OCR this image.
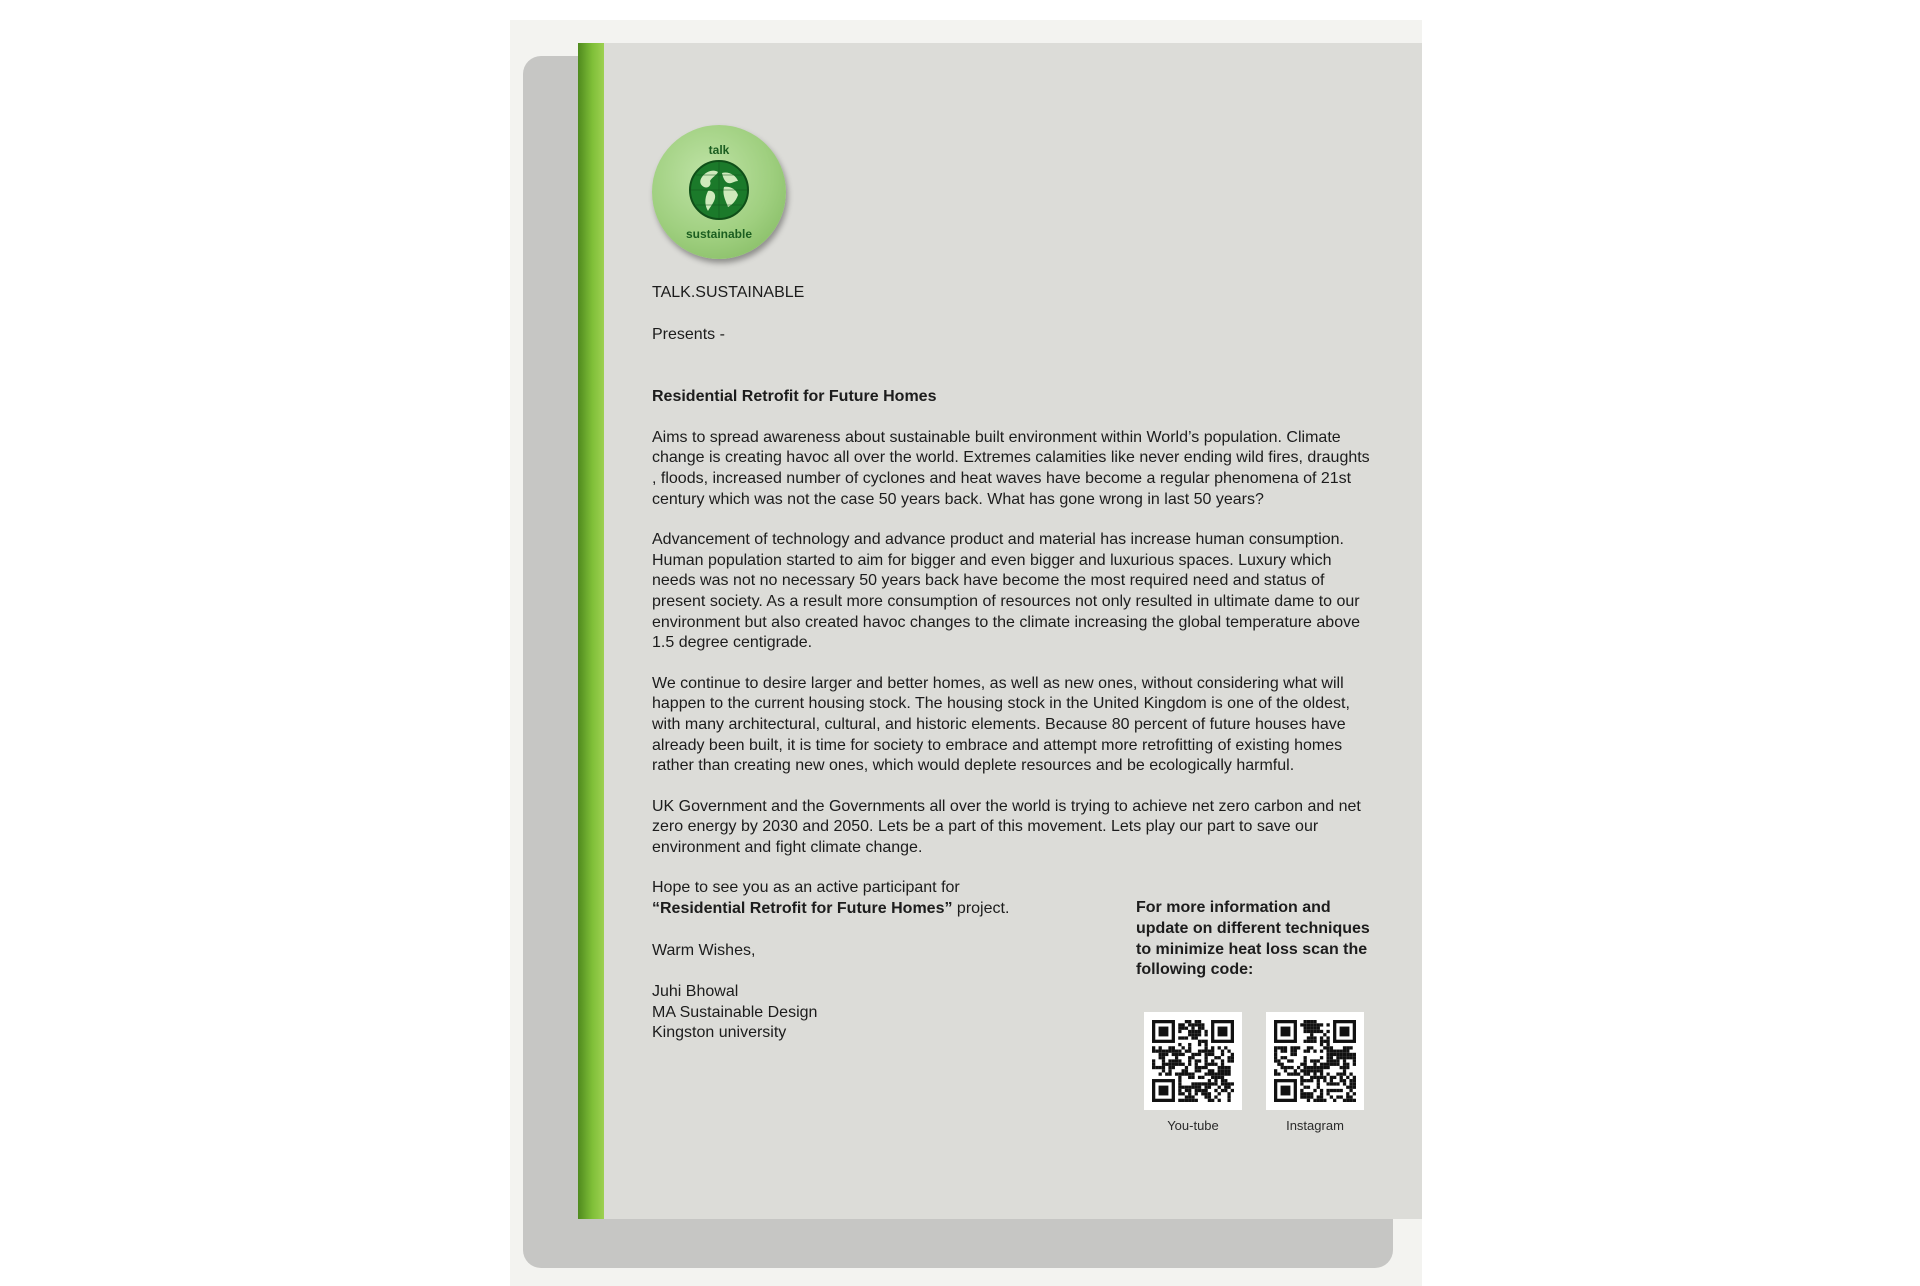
talk
sustainable
TALK.SUSTAINABLE
Presents -
Residential Retrofit for Future Homes

Aims to spread awareness about sustainable built environment within World’s population. Climate change is creating havoc all over the world. Extremes calamities like never ending wild fires, draughts , floods, increased number of cyclones and heat waves have become a regular phenomena of 21st century which was not the case 50 years back. What has gone wrong in last 50 years?

Advancement of technology and advance product and material has increase human consumption. Human population started to aim for bigger and even bigger and luxurious spaces. Luxury which needs was not no necessary 50 years back have become the most required need and status of present society. As a result more consumption of resources not only resulted in ultimate dame to our environment but also created havoc changes to the climate increasing the global temperature above 1.5 degree centigrade.

We continue to desire larger and better homes, as well as new ones, without considering what will happen to the current housing stock. The housing stock in the United Kingdom is one of the oldest, with many architectural, cultural, and historic elements. Because 80 percent of future houses have already been built, it is time for society to embrace and attempt more retrofitting of existing homes rather than creating new ones, which would deplete resources and be ecologically harmful.

UK Government and the Governments all over the world is trying to achieve net zero carbon and net zero energy by 2030 and 2050. Lets be a part of this movement. Lets play our part to save our environment and fight climate change.

Hope to see you as an active participant for
“Residential Retrofit for Future Homes” project.
Warm Wishes,
Juhi Bhowal
MA Sustainable Design
Kingston university
For more information and update on different techniques to minimize heat loss scan the following code:
You-tube	Instagram
